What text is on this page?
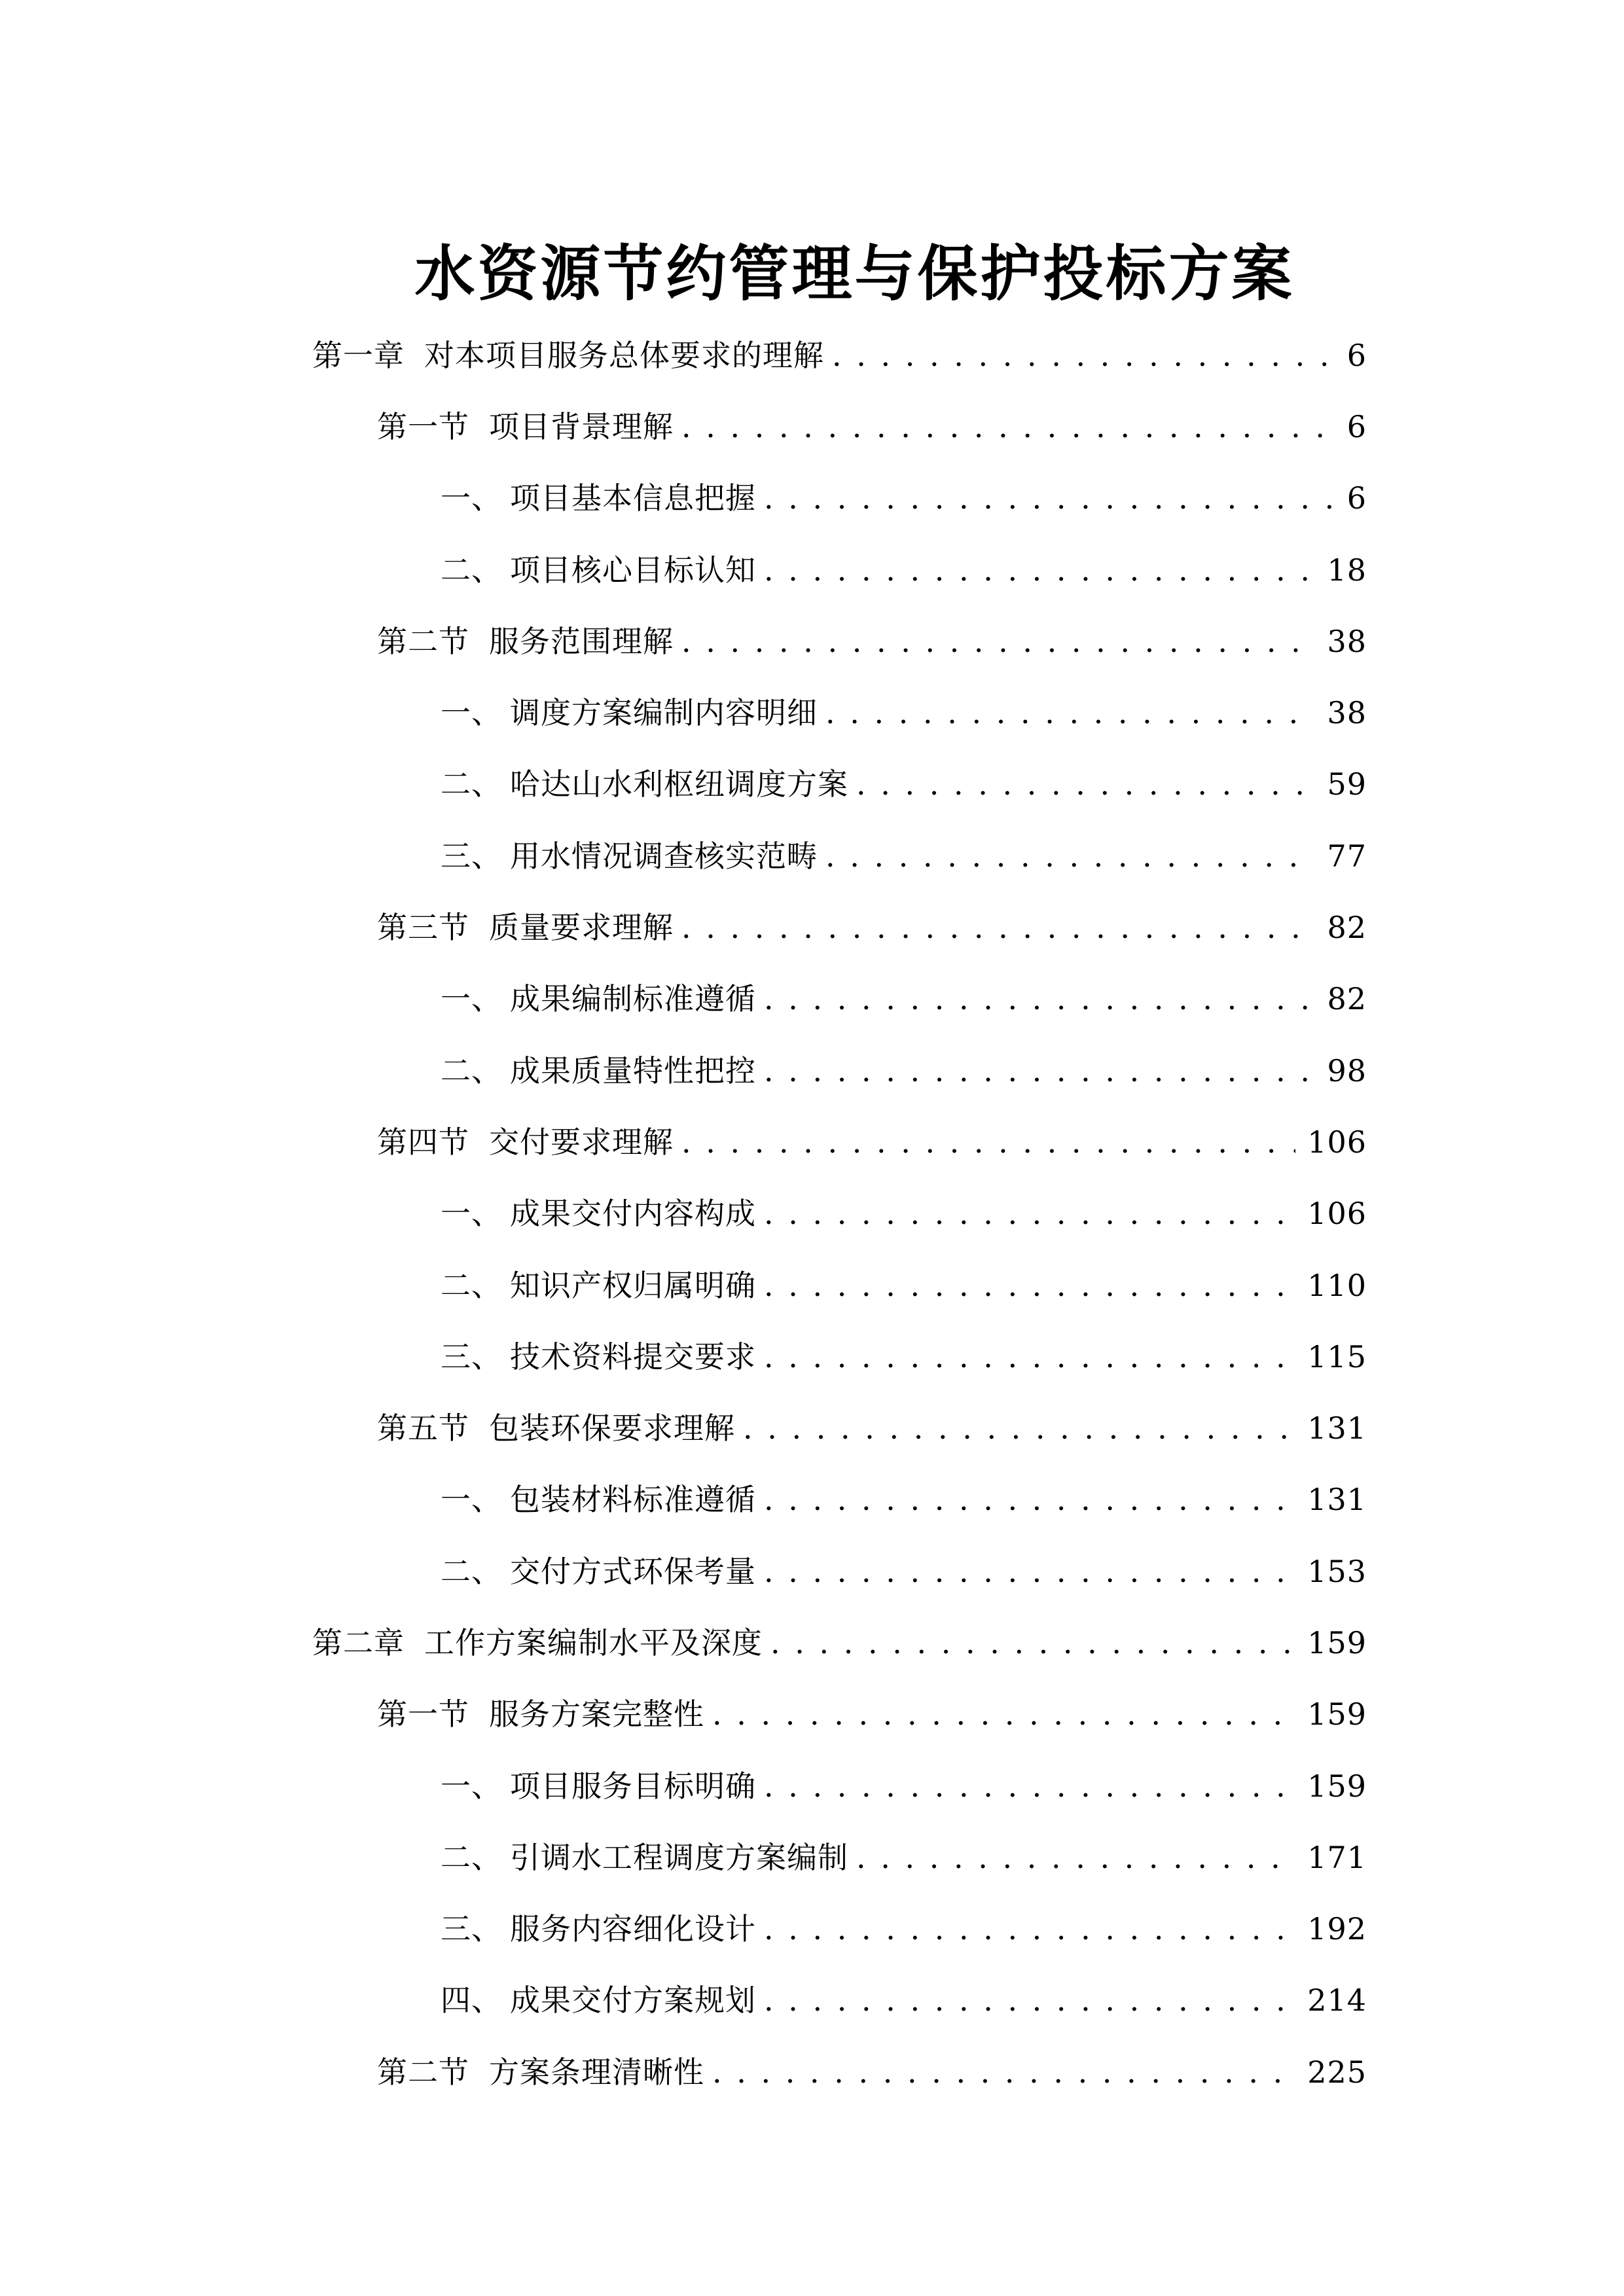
水资源节约管理与保护投标方案
第一章 对本项目服务总体要求的理解 . . .	6
第一节 项目背景理解 . . .	6
一、 项目基本信息把握 . . .	6
二、 项目核心目标认知 . . .	18
第二节 服务范围理解 . . .	38
一、 调度方案编制内容明细 . . .	38
二、 哈达山水利枢纽调度方案 . . .	59
三、 用水情况调查核实范畴 . . .	77
第三节 质量要求理解 . . .	82
一、 成果编制标准遵循 . . .	82
二、 成果质量特性把控 . . .	98
第四节 交付要求理解 . . .	106
一、 成果交付内容构成 . . .	106
二、 知识产权归属明确 . . .	110
三、 技术资料提交要求 . . .	115
第五节 包装环保要求理解 . . .	131
一、 包装材料标准遵循 . . .	131
二、 交付方式环保考量 . . .	153
第二章 工作方案编制水平及深度 . . .	159
第一节 服务方案完整性 . . .	159
一、 项目服务目标明确 . . .	159
二、 引调水工程调度方案编制 . . .	171
三、 服务内容细化设计 . . .	192
四、 成果交付方案规划 . . .	214
第二节 方案条理清晰性 . . .	225
